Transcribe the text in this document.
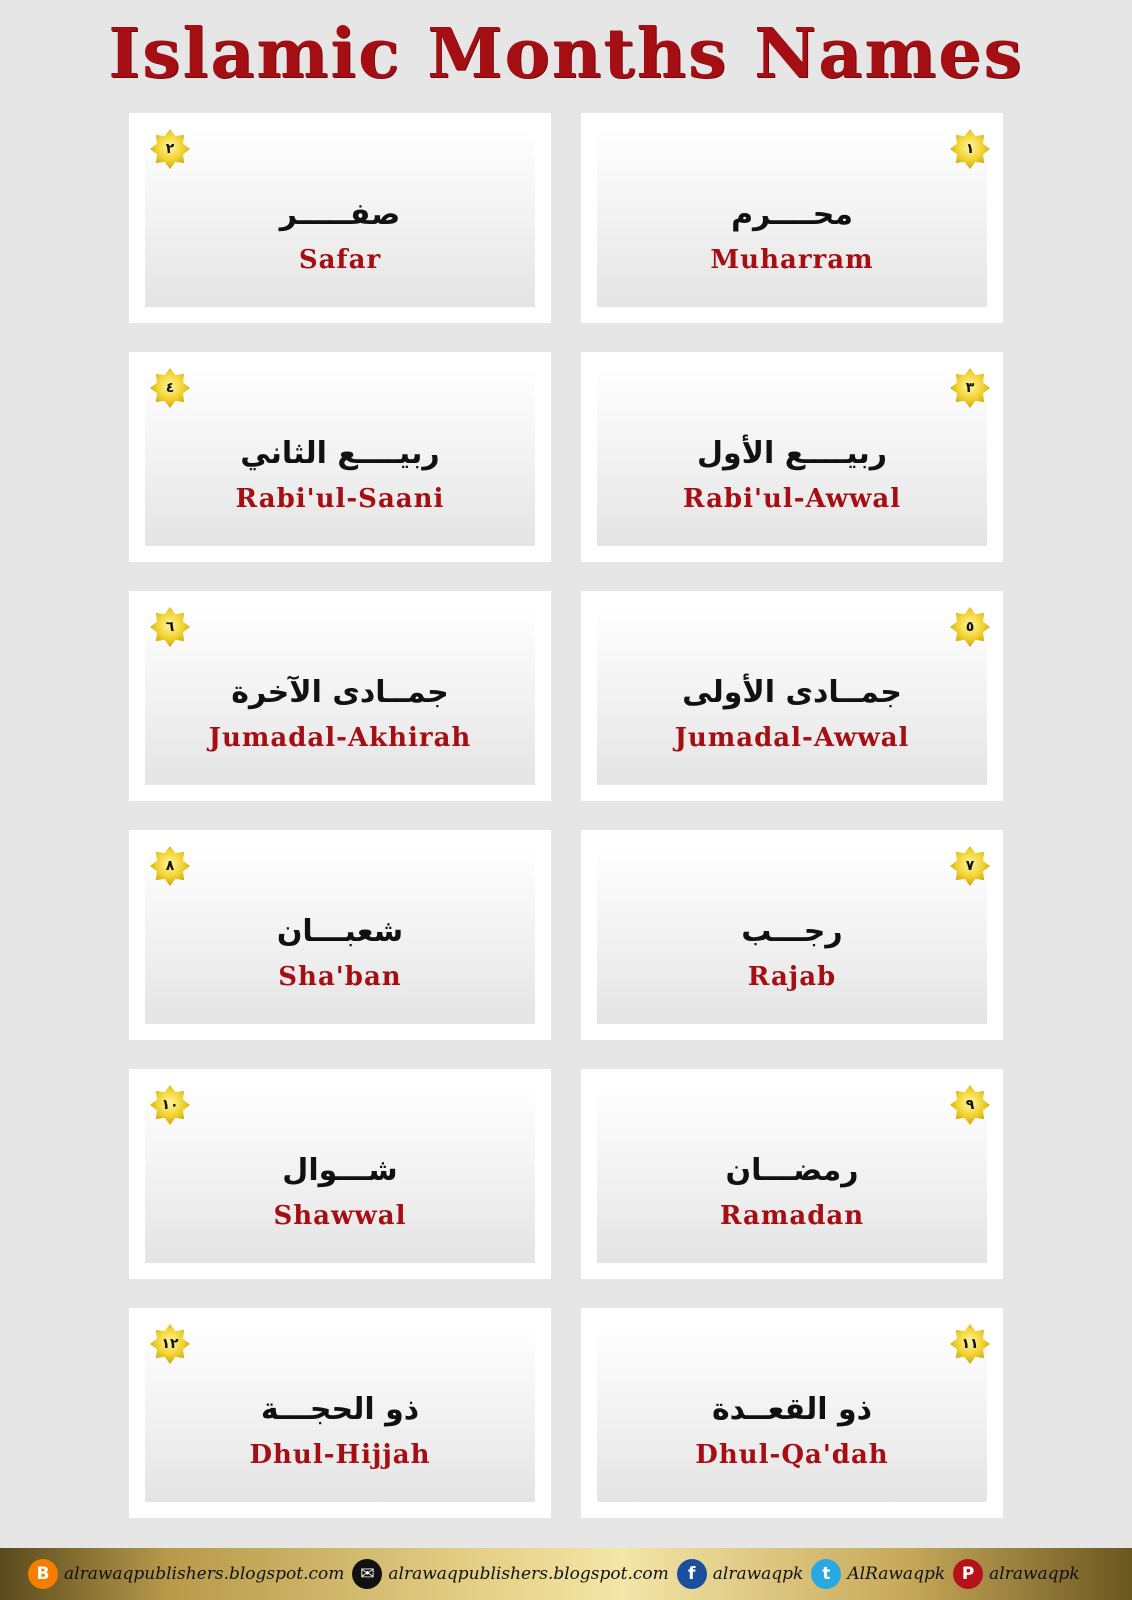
Islamic Months Names
٢
صفـــــر
Safar
١
محــــرم
Muharram
٤
ربيــــع الثاني
Rabi'ul-Saani
٣
ربيــــع الأول
Rabi'ul-Awwal
٦
جمــادى الآخرة
Jumadal-Akhirah
٥
جمــادى الأولى
Jumadal-Awwal
٨
شعبـــان
Sha'ban
٧
رجـــب
Rajab
١٠
شـــوال
Shawwal
٩
رمضـــان
Ramadan
١٢
ذو الحجـــة
Dhul-Hijjah
١١
ذو القعــدة
Dhul-Qa'dah
B alrawaqpublishers.blogspot.com ✉ alrawaqpublishers.blogspot.com	f	alrawaqpk	t AlRawaqpk P alrawaqpk
